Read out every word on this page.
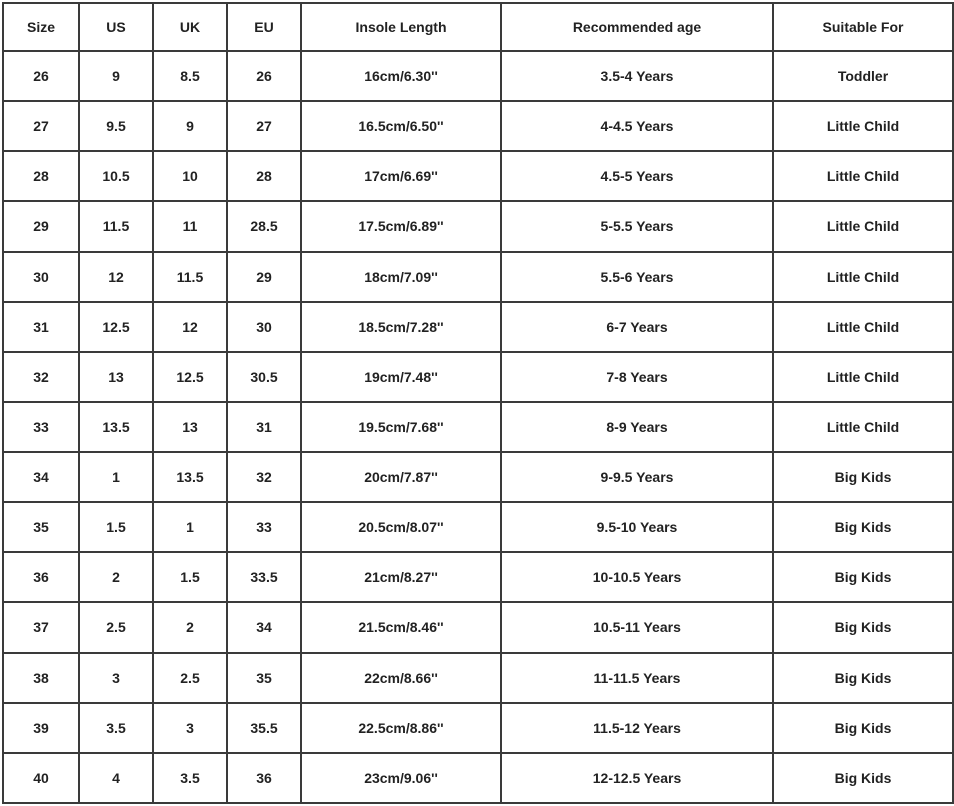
Size	US	UK	EU	Insole Length	Recommended age	Suitable For
26	9	8.5	26	16cm/6.30''	3.5-4 Years	Toddler
27	9.5	9	27	16.5cm/6.50''	4-4.5 Years	Little Child
28	10.5	10	28	17cm/6.69''	4.5-5 Years	Little Child
29	11.5	11	28.5	17.5cm/6.89''	5-5.5 Years	Little Child
30	12	11.5	29	18cm/7.09''	5.5-6 Years	Little Child
31	12.5	12	30	18.5cm/7.28''	6-7 Years	Little Child
32	13	12.5	30.5	19cm/7.48''	7-8 Years	Little Child
33	13.5	13	31	19.5cm/7.68''	8-9 Years	Little Child
34	1	13.5	32	20cm/7.87''	9-9.5 Years	Big Kids
35	1.5	1	33	20.5cm/8.07''	9.5-10 Years	Big Kids
36	2	1.5	33.5	21cm/8.27''	10-10.5 Years	Big Kids
37	2.5	2	34	21.5cm/8.46''	10.5-11 Years	Big Kids
38	3	2.5	35	22cm/8.66''	11-11.5 Years	Big Kids
39	3.5	3	35.5	22.5cm/8.86''	11.5-12 Years	Big Kids
40	4	3.5	36	23cm/9.06''	12-12.5 Years	Big Kids
